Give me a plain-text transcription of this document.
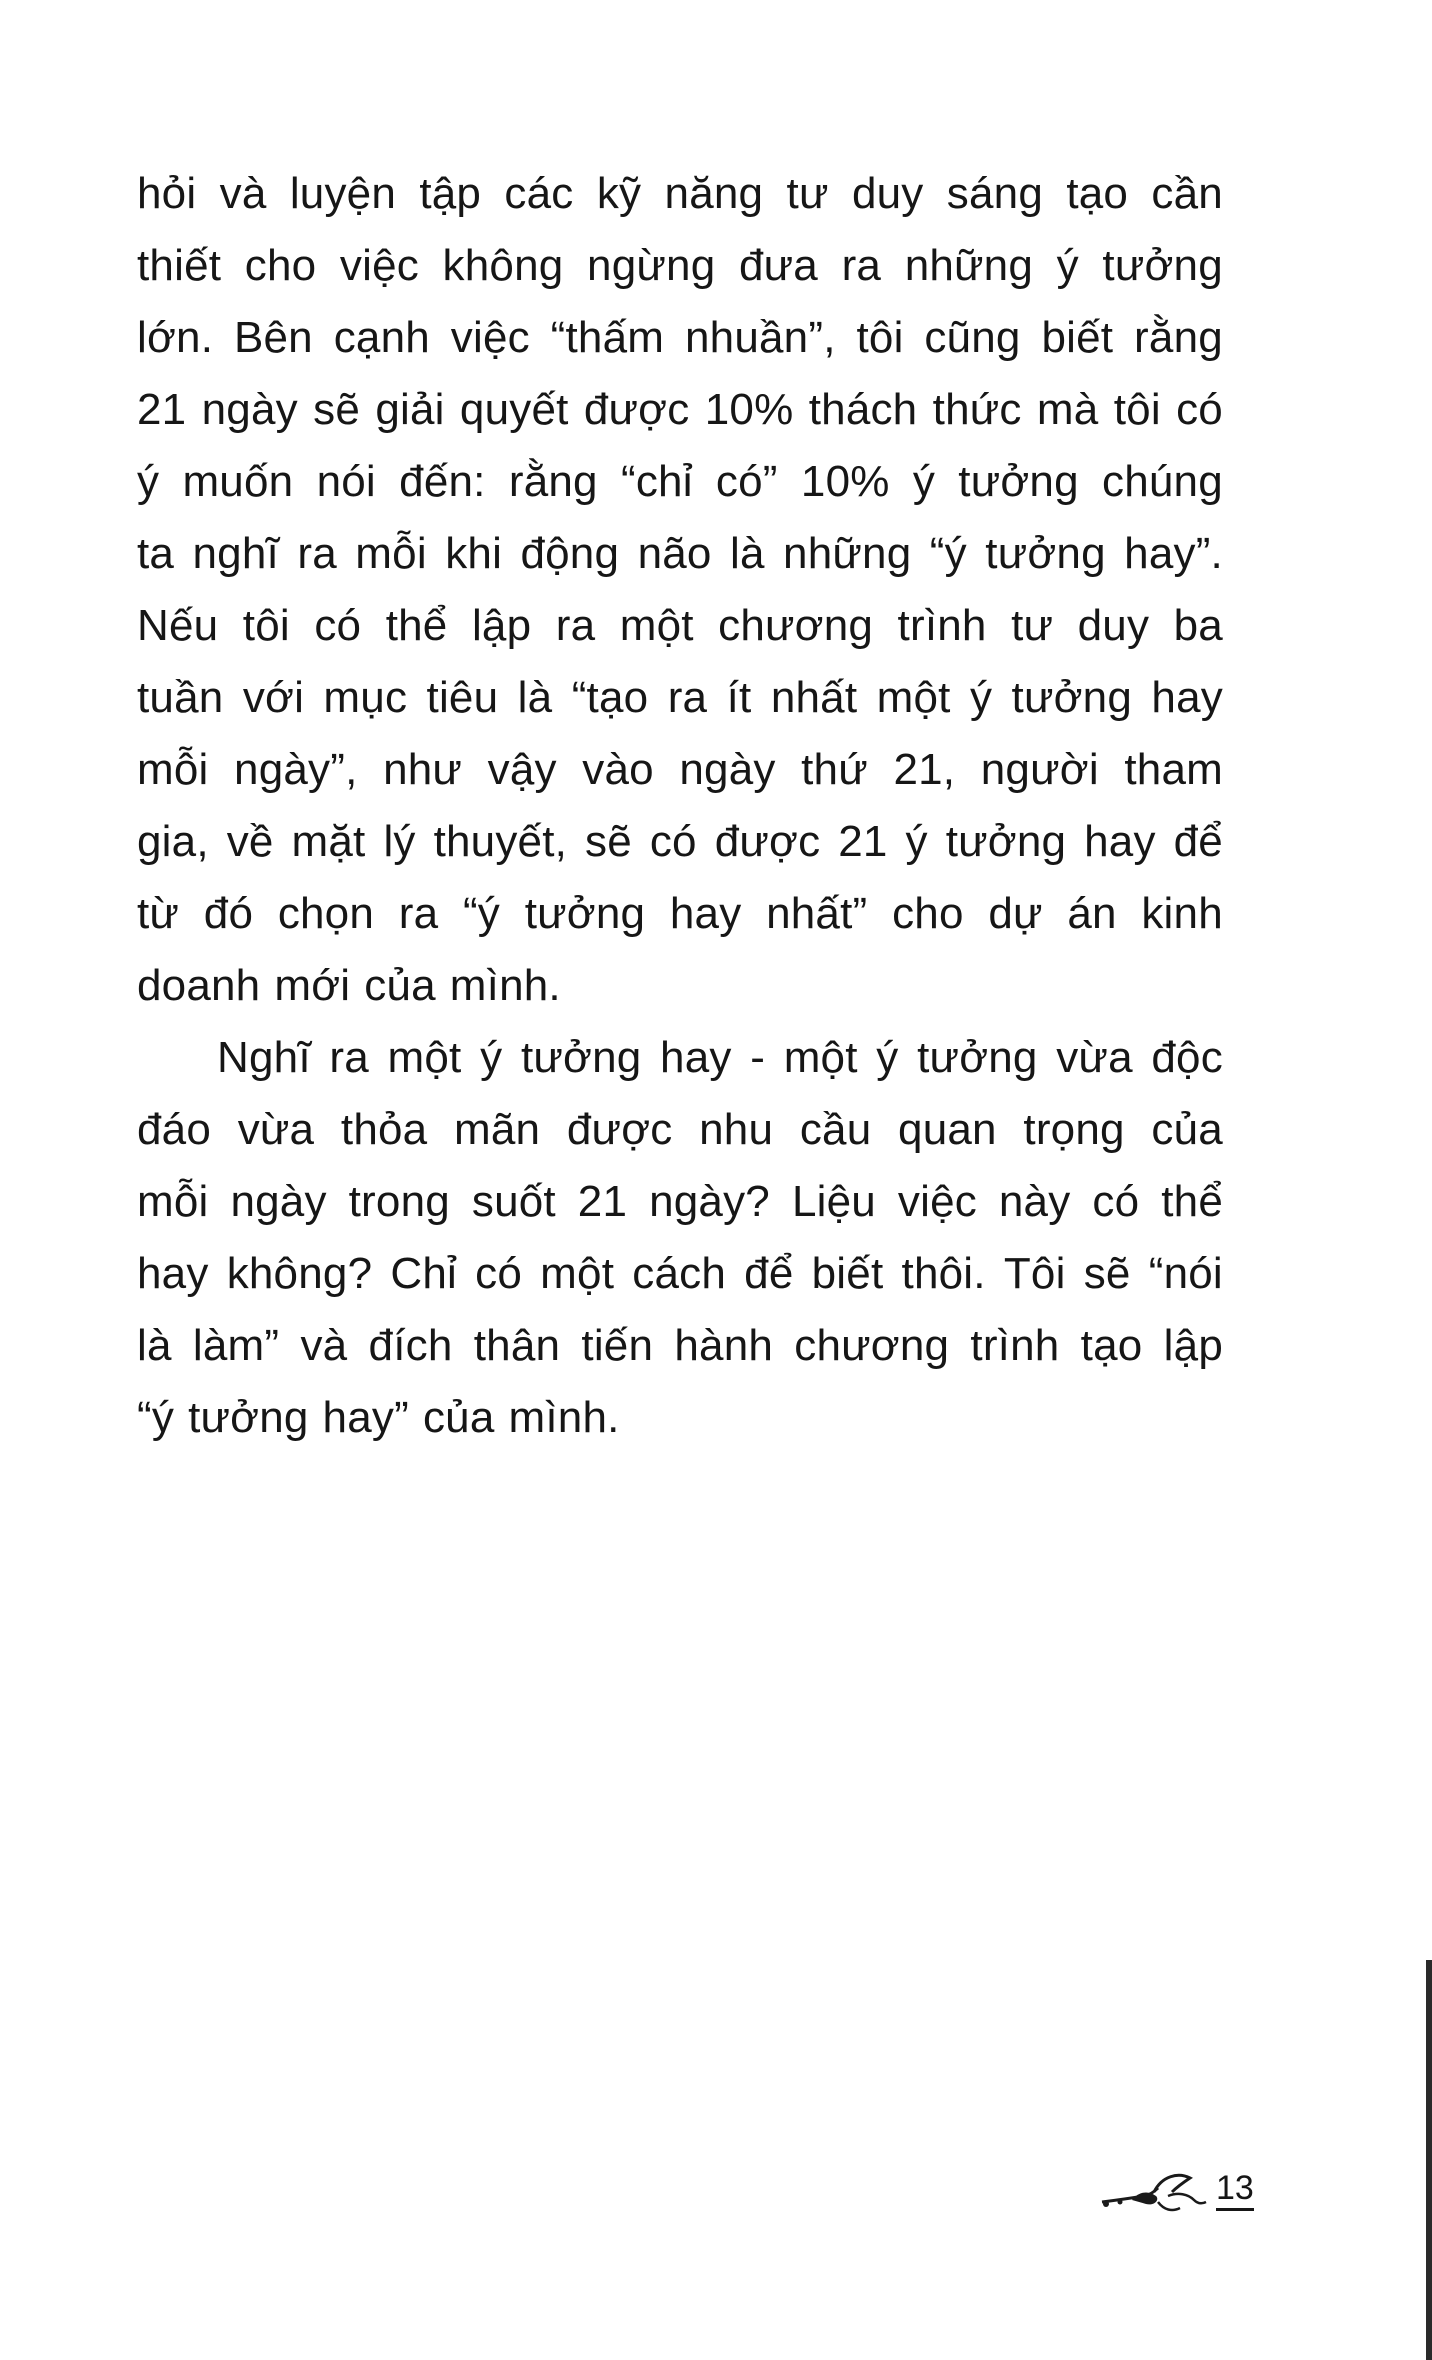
hỏi và luyện tập các kỹ năng tư duy sáng tạo cần
thiết cho việc không ngừng đưa ra những ý tưởng
lớn. Bên cạnh việc “thấm nhuần”, tôi cũng biết rằng
21 ngày sẽ giải quyết được 10% thách thức mà tôi có
ý muốn nói đến: rằng “chỉ có” 10% ý tưởng chúng
ta nghĩ ra mỗi khi động não là những “ý tưởng hay”.
Nếu tôi có thể lập ra một chương trình tư duy ba
tuần với mục tiêu là “tạo ra ít nhất một ý tưởng hay
mỗi ngày”, như vậy vào ngày thứ 21, người tham
gia, về mặt lý thuyết, sẽ có được 21 ý tưởng hay để
từ đó chọn ra “ý tưởng hay nhất” cho dự án kinh
doanh mới của mình.
Nghĩ ra một ý tưởng hay - một ý tưởng vừa độc
đáo vừa thỏa mãn được nhu cầu quan trọng của
mỗi ngày trong suốt 21 ngày? Liệu việc này có thể
hay không? Chỉ có một cách để biết thôi. Tôi sẽ “nói
là làm” và đích thân tiến hành chương trình tạo lập
“ý tưởng hay” của mình.
13
